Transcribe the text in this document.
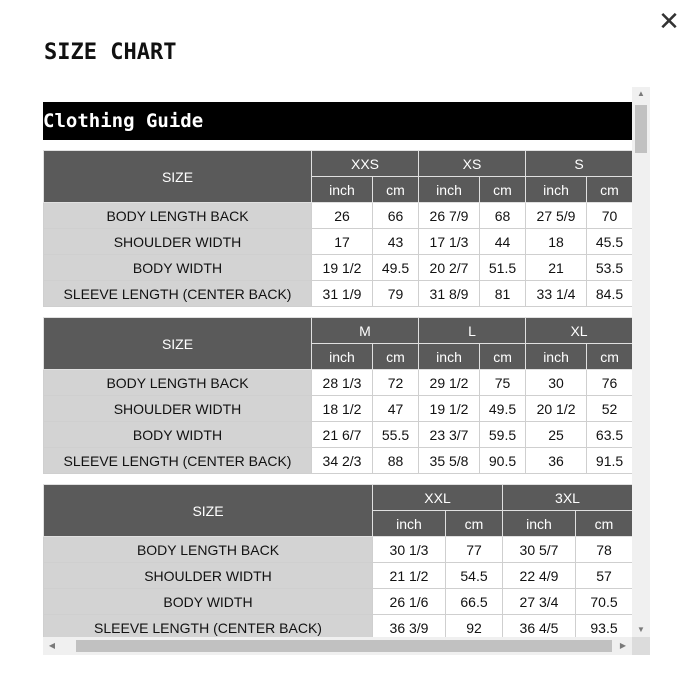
SIZE CHART
✕
Clothing Guide
SIZE	XXS		XS		S	
	inch	cm	inch	cm	inch	cm
BODY LENGTH BACK	26	66	26 7/9	68	27 5/9	70
SHOULDER WIDTH	17	43	17 1/3	44	18	45.5
BODY WIDTH	19 1/2	49.5	20 2/7	51.5	21	53.5
SLEEVE LENGTH (CENTER BACK)	31 1/9	79	31 8/9	81	33 1/4	84.5
SIZE	M		L		XL	
	inch	cm	inch	cm	inch	cm
BODY LENGTH BACK	28 1/3	72	29 1/2	75	30	76
SHOULDER WIDTH	18 1/2	47	19 1/2	49.5	20 1/2	52
BODY WIDTH	21 6/7	55.5	23 3/7	59.5	25	63.5
SLEEVE LENGTH (CENTER BACK)	34 2/3	88	35 5/8	90.5	36	91.5
SIZE	XXL		3XL	
	inch	cm	inch	cm
BODY LENGTH BACK	30 1/3	77	30 5/7	78
SHOULDER WIDTH	21 1/2	54.5	22 4/9	57
BODY WIDTH	26 1/6	66.5	27 3/4	70.5
SLEEVE LENGTH (CENTER BACK)	36 3/9	92	36 4/5	93.5
▲
▼
◀	▶
